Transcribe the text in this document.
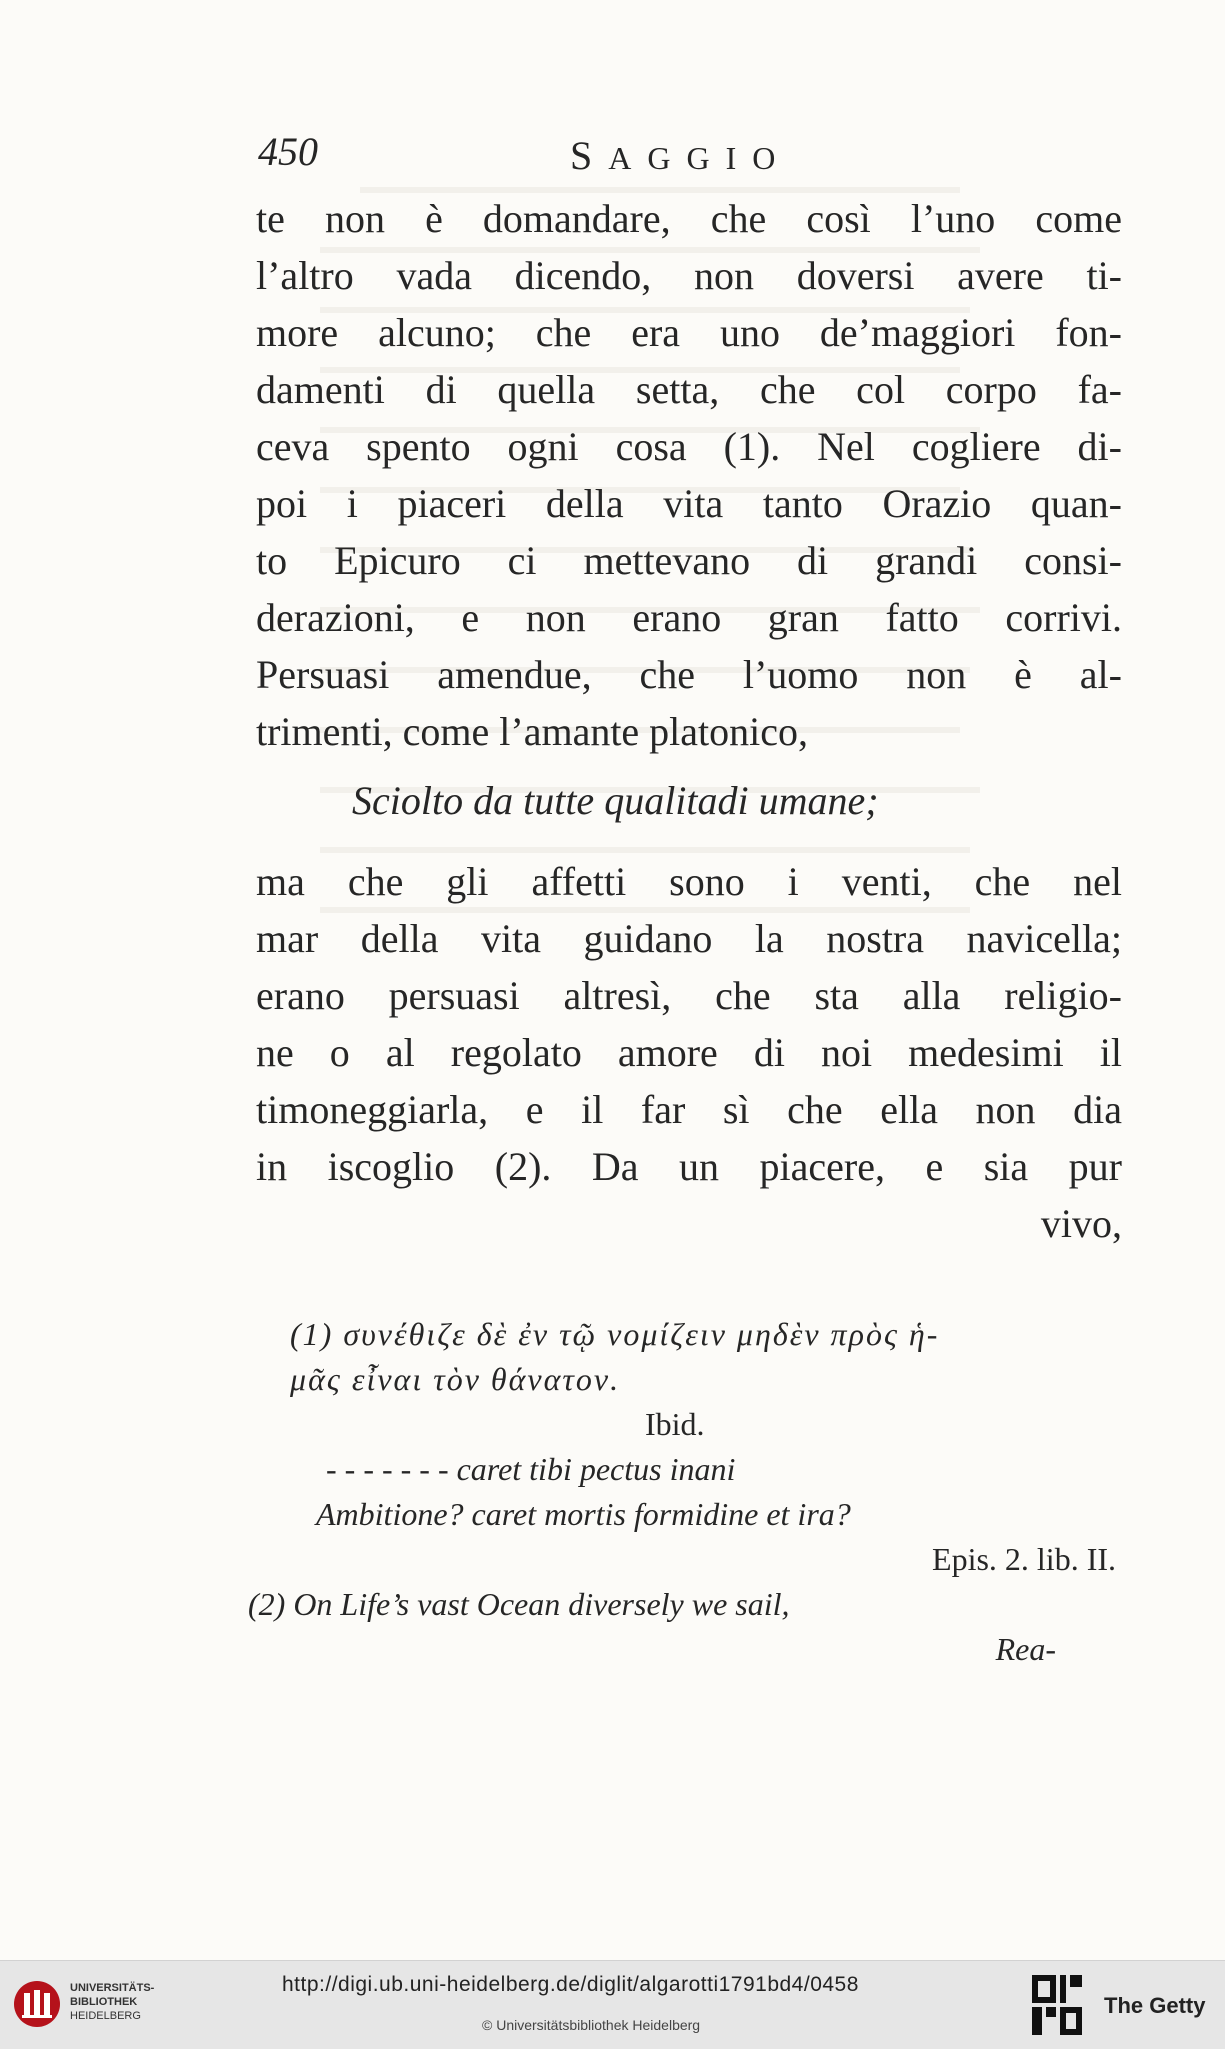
450	SAGGIO
te non è domandare, che così l’uno come
l’altro vada dicendo, non doversi avere ti-
more alcuno; che era uno de’maggiori fon-
damenti di quella setta, che col corpo fa-
ceva spento ogni cosa (1). Nel cogliere di-
poi i piaceri della vita tanto Orazio quan-
to Epicuro ci mettevano di grandi consi-
derazioni, e non erano gran fatto corrivi.
Persuasi amendue, che l’uomo non è al-
trimenti, come l’amante platonico,
Sciolto da tutte qualitadi umane;
ma che gli affetti sono i venti, che nel
mar della vita guidano la nostra navicella;
erano persuasi altresì, che sta alla religio-
ne o al regolato amore di noi medesimi il
timoneggiarla, e il far sì che ella non dia
in iscoglio (2). Da un piacere, e sia pur
vivo,
(1) συνέθιζε δὲ ἐν τῷ νομίζειν μηδὲν πρὸς ἡ-
μᾶς εἶναι τὸν θάνατον.
Ibid.
- - - - - - - caret tibi pectus inani
Ambitione? caret mortis formidine et ira?
Epis. 2. lib. II.
(2) On Life’s vast Ocean diversely we sail,
Rea-
UNIVERSITÄTS-
BIBLIOTHEK
HEIDELBERG
http://digi.ub.uni-heidelberg.de/diglit/algarotti1791bd4/0458
© Universitätsbibliothek Heidelberg
The Getty
